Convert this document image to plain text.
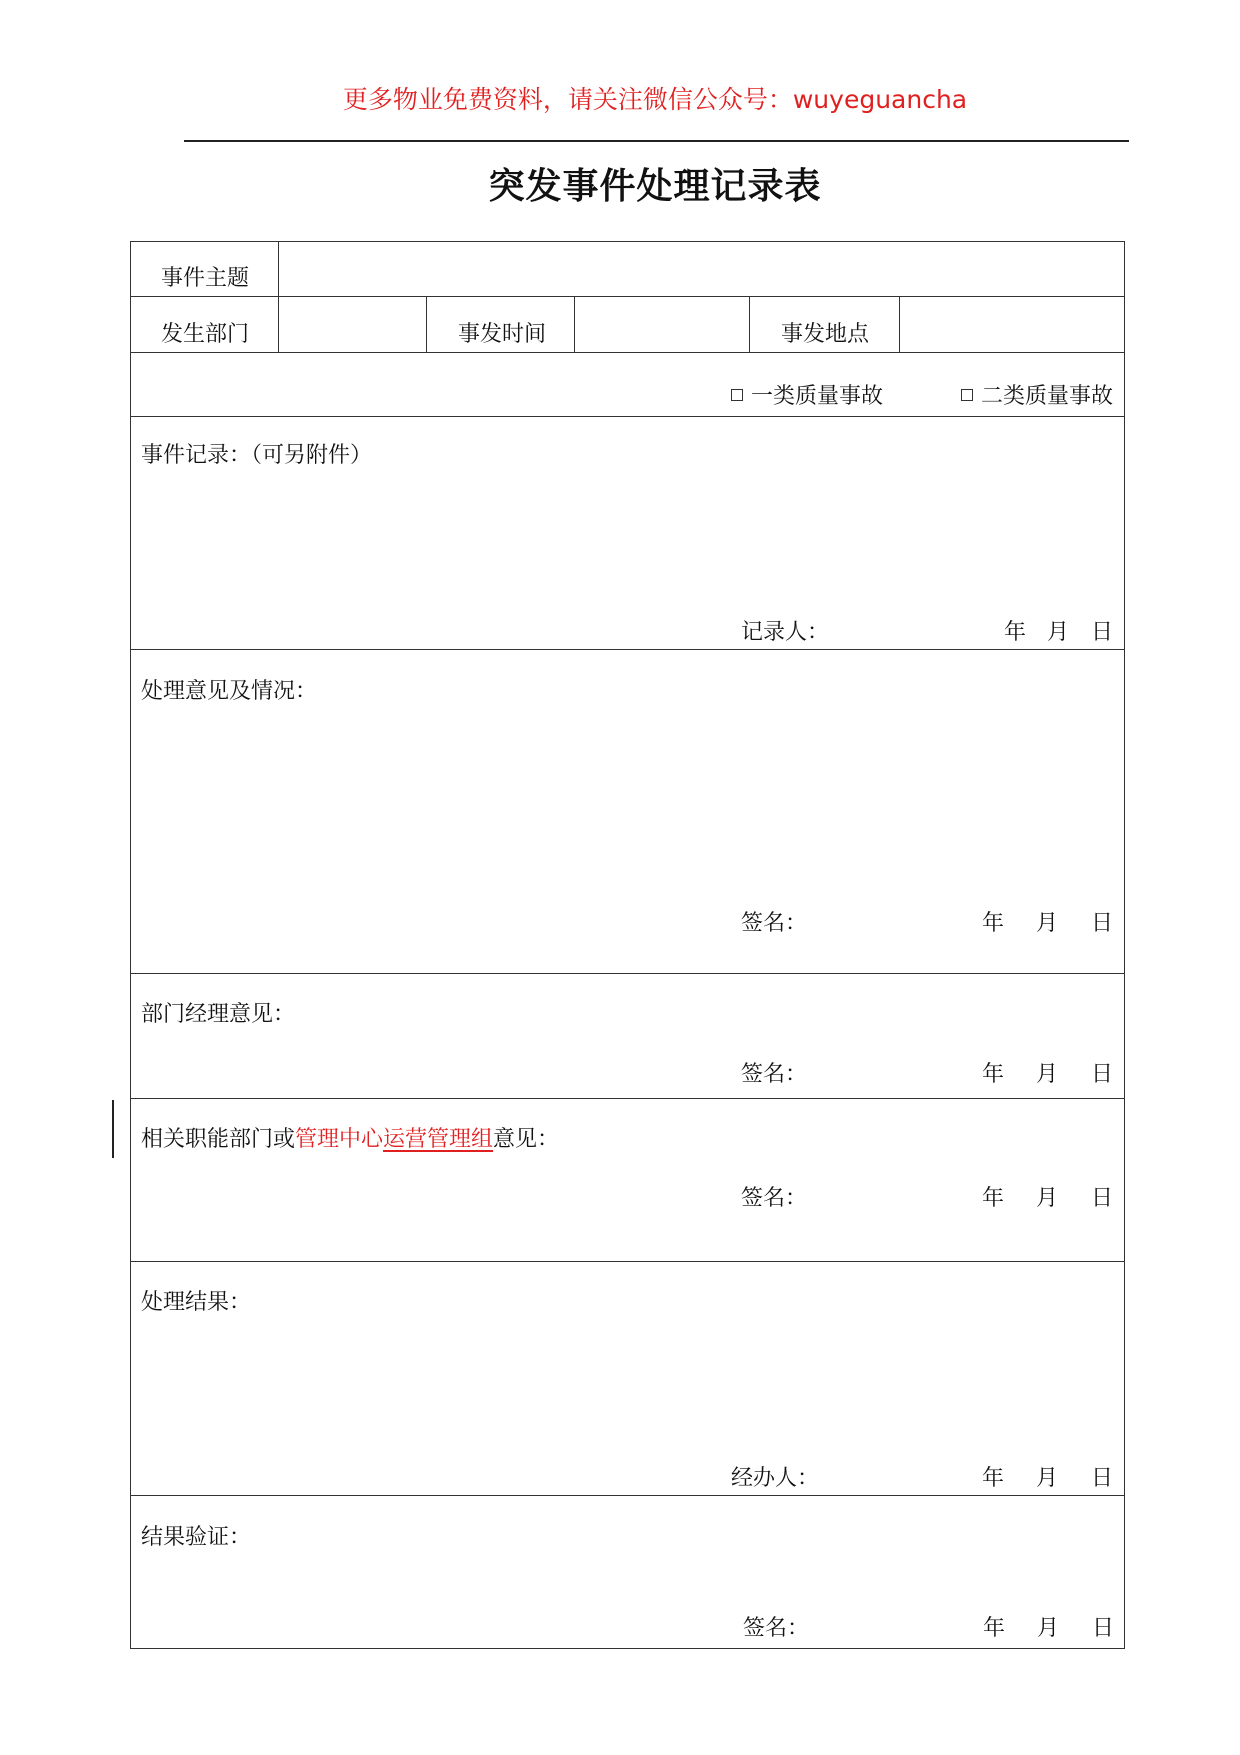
更多物业免费资料，请关注微信公众号：wuyeguancha
突发事件处理记录表
事件主题
发生部门	事发时间	事发地点
一类质量事故	二类质量事故
事件记录：（可另附件）
记录人：	年 月 日
处理意见及情况：
签名：	年 月 日
部门经理意见：
签名：	年 月 日
相关职能部门或管理中心运营管理组意见：
签名：	年 月 日
处理结果：
经办人：	年 月 日
结果验证：
签名：	年 月 日
